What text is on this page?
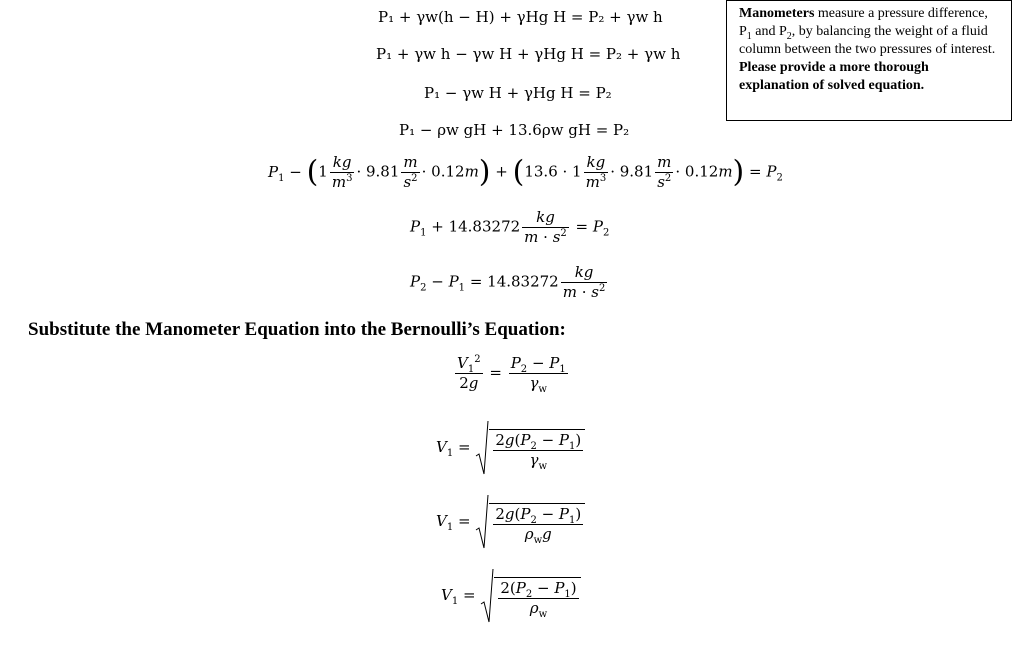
Manometers measure a pressure difference, $P_1$ and $P_2$, by balancing the weight of a fluid column between the two pressures of interest. Please provide a more thorough explanation of solved equation.
P₁ + γw(h − H) + γHg H = P₂ + γw h
P₁ + γw h − γw H + γHg H = P₂ + γw h
P₁ − γw H + γHg H = P₂
P₁ − ρw gH + 13.6ρw gH = P₂
$P_1 - (1 \frac{kg}{m^3} \cdot 9.81 \frac{m}{s^2} \cdot 0.12m) + (13.6 \cdot 1 \frac{kg}{m^3} \cdot 9.81 \frac{m}{s^2} \cdot 0.12m) = P_2$
$P_1 + 14.83272 \frac{kg}{m \cdot s^2} = P_2$
$P_2 - P_1 = 14.83272 \frac{kg}{m \cdot s^2}$
Substitute the Manometer Equation into the Bernoulli’s Equation:
$\frac{V_1^2}{2g} = \frac{P_2 - P_1}{\gamma_w}$
$V_1 = \frac{2g(P_2 - P_1)}{\gamma_w}$
$V_1 = \frac{2g(P_2 - P_1)}{\rho_wg}$
$V_1 = \frac{2(P_2 - P_1)}{\rho_w}$
